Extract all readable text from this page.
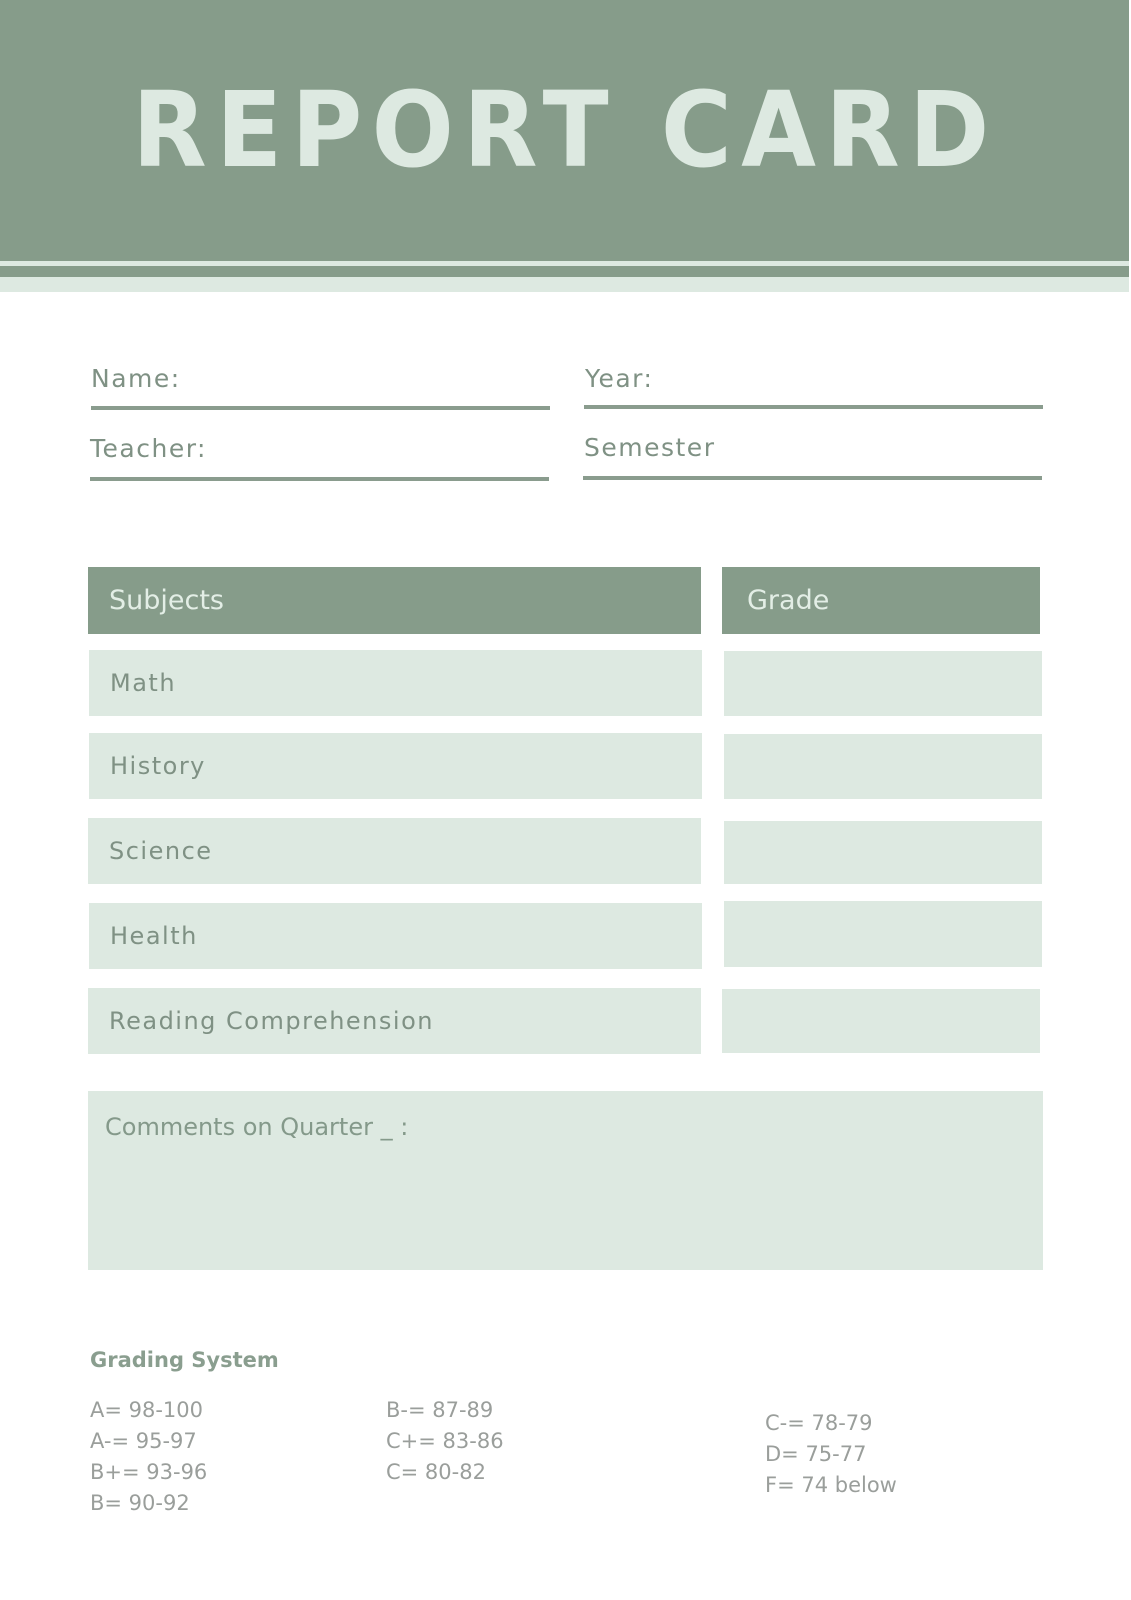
REPORT CARD
Name:	Year:
Teacher:	Semester
Subjects	Grade
Math
History
Science
Health
Reading Comprehension
Comments on Quarter _ :
Grading System
A= 98-100
A-= 95-97
B+= 93-96
B= 90-92
B-= 87-89
C+= 83-86
C= 80-82
C-= 78-79
D= 75-77
F= 74 below
